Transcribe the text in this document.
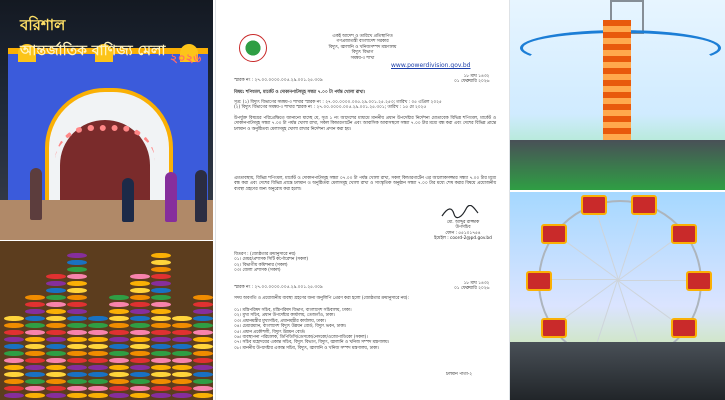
বরিশাল
আন্তর্জাতিক বাণিজ্য মেলা ২০২৬
একই আদেশ ও তারিখে প্রতিস্থাপিত
গণপ্রজাতন্ত্রী বাংলাদেশ সরকার
বিদ্যুৎ, জ্বালানি ও খনিজসম্পদ মন্ত্রণালয়
বিদ্যুৎ বিভাগ
সমন্বয়-৩ শাখা
www.powerdivision.gov.bd
স্মারক নং : ২৭.০০.০০০০.০০৫.২৯.০০১.২৫.৩০৯
১৮ মাঘ ১৪৩২
০১ ফেব্রুয়ারি ২০২৬
বিষয়: শপিংমল, মার্কেট ও দোকানপাটসমূহ সন্ধ্যা ৭.০০ টা পর্যন্ত খোলা রাখা।
সূত্র: (১) বিদ্যুৎ বিভাগের সমন্বয়-৩ শাখার স্মারক নং : ২৭.০০.০০০০.০০৫.২৯.০০১.২৫.২৫৩; তারিখ : ০৫ এপ্রিল ২০২৫
(২) বিদ্যুৎ বিভাগের সমন্বয়-৩ শাখার স্মারক নং : ২৭.০০.০০০০.০০৫.২৯.০০১.২৫.৩০১; তারিখ : ১৫ মে ২০২৫
উপর্যুক্ত বিষয়ের পরিপ্রেক্ষিতে জানানো যাচ্ছে যে, সূত্র ১ নং আদেশের মাধ্যমে মাননীয় প্রধান উপদেষ্টার নির্দেশনা মোতাবেক বিভিন্ন শপিংমল, মার্কেট ও দোকানপাটসমূহ সন্ধ্যা ৭.০০ টা পর্যন্ত খোলা রাখা, সকল কিন্ডারগার্টেন এবং আবাসিক আবাসস্থলে সন্ধ্যা ৭.০০ টার মধ্যে বন্ধ করা এবং দেশের বিভিন্ন প্রান্তে চলমান ও অনুষ্ঠিতব্য মেলাসমূহ খোলা রাখার নির্দেশনা প্রদান করা হয়।
এমতাবস্থায়, বিভিন্ন শপিংমল, মার্কেট ও দোকানপাটসমূহ সন্ধ্যা ০৭.০০ টা পর্যন্ত খোলা রাখা, সকল কিন্ডারগার্টেন এর আলোকসজ্জার সন্ধ্যা ৭.০০ টার মধ্যে বন্ধ করা এবং দেশের বিভিন্ন প্রান্তে চলমান ও অনুষ্ঠিতব্য মেলাসমূহ খোলা রাখা ও সাংস্কৃতিক অনুষ্ঠান সন্ধ্যা ৭.০০ টার মধ্যে শেষ করার বিষয়ে প্রয়োজনীয় ব্যবস্থা গ্রহণের জন্য অনুরোধ করা হলো।
মো. আব্দুর রাজ্জাক
উপসচিব
ফোন : ৫৫১০১৭৫৪
ইমেইল : coord-2@pd.gov.bd
বিতরণ : (জ্যেষ্ঠতার ক্রমানুসারে নয়)
০১। মেয়র/প্রশাসক সিটি কর্পোরেশন (সকল)
০২। বিভাগীয় কমিশনার (সকল)
০৩। জেলা প্রশাসক (সকল)
স্মারক নং : ২৭.০০.০০০০.০০৫.২৯.০০১.২৫.৩০৯
১৮ মাঘ ১৪৩২
০১ ফেব্রুয়ারি ২০২৬
সদয় অবগতি ও প্রয়োজনীয় ব্যবস্থা গ্রহণের জন্য অনুলিপি প্রেরণ করা হলো (জ্যেষ্ঠতার ক্রমানুসারে নয়):
০১। মন্ত্রিপরিষদ সচিব, মন্ত্রিপরিষদ বিভাগ, বাংলাদেশ সচিবালয়, ঢাকা।
০২। মুখ্য সচিব, প্রধান উপদেষ্টার কার্যালয়, তেজগাঁও, ঢাকা।
০৩। প্রধানমন্ত্রীর মুখ্যসচিব, প্রধানমন্ত্রীর কার্যালয়, ঢাকা।
০৪। চেয়ারম্যান, বাংলাদেশ বিদ্যুৎ উন্নয়ন বোর্ড, বিদ্যুৎ ভবন, ঢাকা।
০৫। প্রধান প্রকৌশলী, বিদ্যুৎ উন্নয়ন বোর্ড।
০৬। ব্যবস্থাপনা পরিচালক, ডিপিডিসি/ডেসকো/নেসকো/ওজোপাডিকো (সকল)।
০৭। সচিব মহোদয়ের একান্ত সচিব, বিদ্যুৎ বিভাগ, বিদ্যুৎ, জ্বালানি ও খনিজ সম্পদ মন্ত্রণালয়।
০৮। মাননীয় উপদেষ্টার একান্ত সচিব, বিদ্যুৎ, জ্বালানি ও খনিজ সম্পদ মন্ত্রণালয়, ঢাকা।
চলমান পাতা-২
